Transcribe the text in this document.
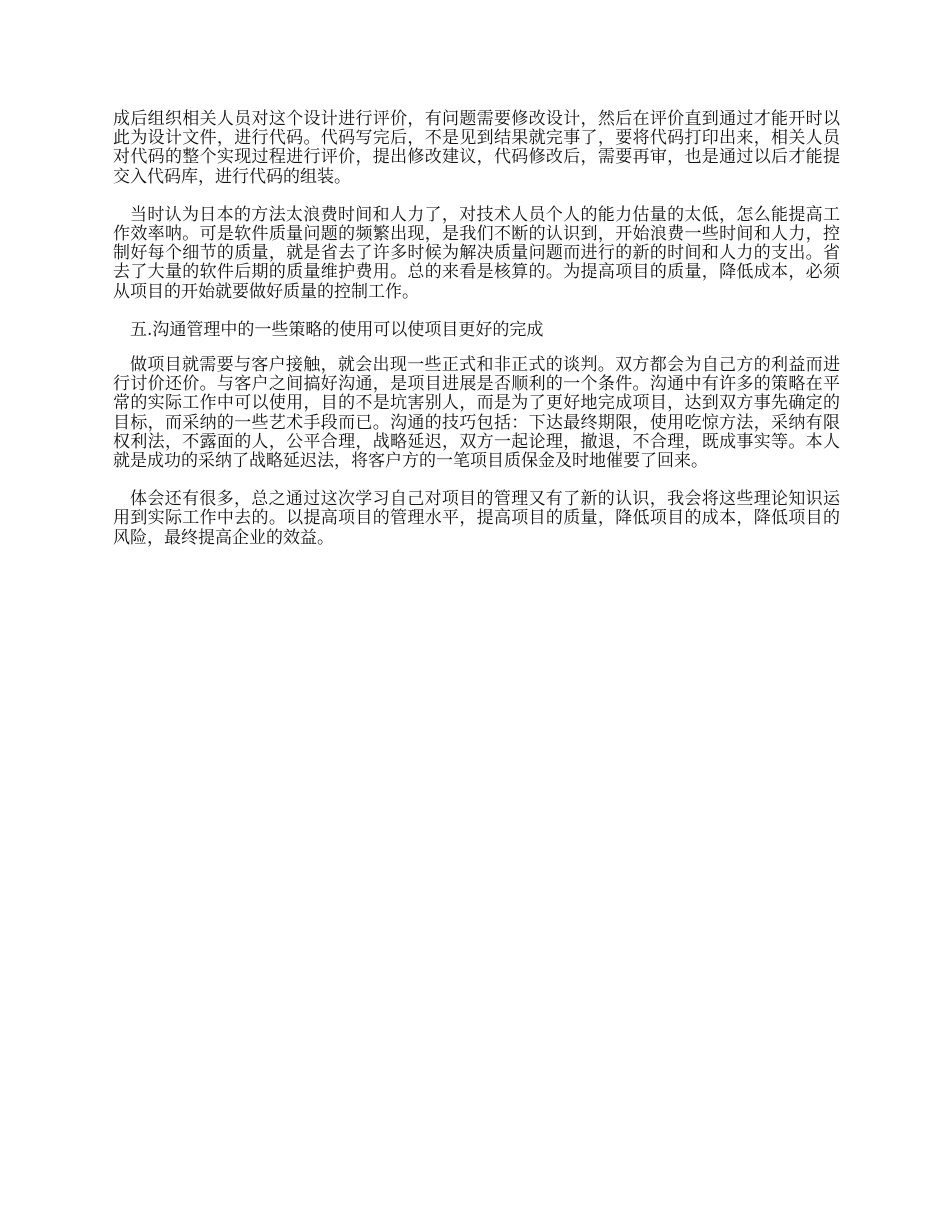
成后组织相关人员对这个设计进行评价，有问题需要修改设计，然后在评价直到通过才能开时以此为设计文件，进行代码。代码写完后，不是见到结果就完事了，要将代码打印出来，相关人员对代码的整个实现过程进行评价，提出修改建议，代码修改后，需要再审，也是通过以后才能提交入代码库，进行代码的组装。

当时认为日本的方法太浪费时间和人力了，对技术人员个人的能力估量的太低，怎么能提高工作效率呐。可是软件质量问题的频繁出现，是我们不断的认识到，开始浪费一些时间和人力，控制好每个细节的质量，就是省去了许多时候为解决质量问题而进行的新的时间和人力的支出。省去了大量的软件后期的质量维护费用。总的来看是核算的。为提高项目的质量，降低成本，必须从项目的开始就要做好质量的控制工作。

五.沟通管理中的一些策略的使用可以使项目更好的完成

做项目就需要与客户接触，就会出现一些正式和非正式的谈判。双方都会为自己方的利益而进行讨价还价。与客户之间搞好沟通，是项目进展是否顺利的一个条件。沟通中有许多的策略在平常的实际工作中可以使用，目的不是坑害别人，而是为了更好地完成项目，达到双方事先确定的目标，而采纳的一些艺术手段而已。沟通的技巧包括：下达最终期限，使用吃惊方法，采纳有限权利法，不露面的人，公平合理，战略延迟，双方一起论理，撤退，不合理，既成事实等。本人就是成功的采纳了战略延迟法，将客户方的一笔项目质保金及时地催要了回来。

体会还有很多，总之通过这次学习自己对项目的管理又有了新的认识，我会将这些理论知识运用到实际工作中去的。以提高项目的管理水平，提高项目的质量，降低项目的成本，降低项目的风险，最终提高企业的效益。
